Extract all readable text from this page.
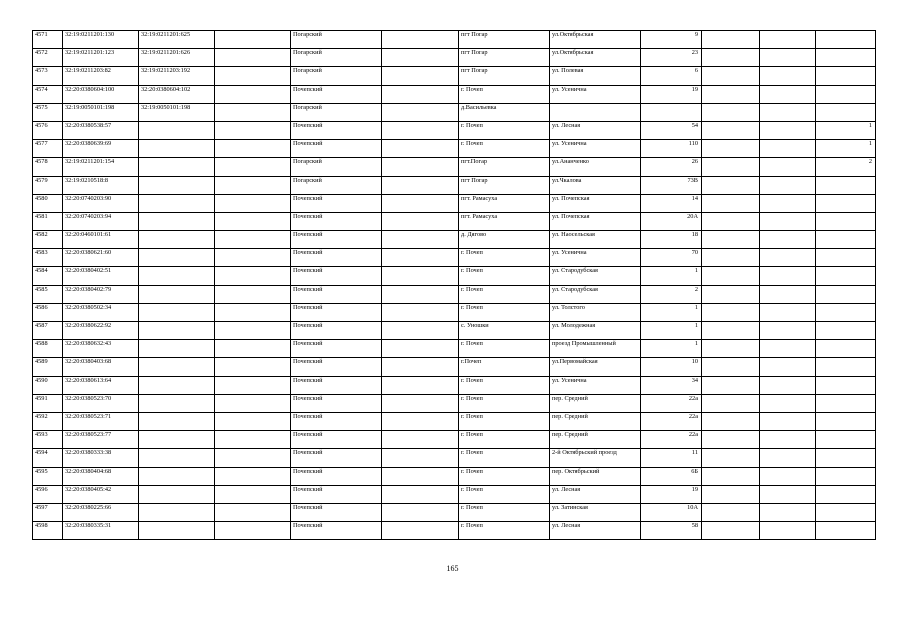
4571	32:19:0211201:130	32:19:0211201:625		Погарский		пгт Погар	ул.Октябрьская	9			
4572	32:19:0211201:123	32:19:0211201:626		Погарский		пгт Погар	ул.Октябрьская	23			
4573	32:19:0211203:82	32:19:0211203:192		Погарский		пгт Погар	ул. Полевая	6			
4574	32:20:0380604:100	32:20:0380604:102		Почепский		г. Почеп	ул. Усенична	19			
4575	32:19:0050101:198	32:19:0050101:198		Погарский		д.Васильевка					
4576	32:20:0380538:57			Почепский		г. Почеп	ул. Лесная	54			1
4577	32:20:0380639:69			Почепский		г. Почеп	ул. Усенична	110			1
4578	32:19:0211201:154			Погарский		пгт.Погар	ул.Ананченко	26			2
4579	32:19:0210518:8			Погарский		пгт Погар	ул.Чкалова	73В			
4580	32:20:0740203:90			Почепский		пгт. Рамасуха	ул. Почепская	14			
4581	32:20:0740203:94			Почепский		пгт. Рамасуха	ул. Почепская	20А			
4582	32:20:0460101:61			Почепский		д. Дягово	ул. Наосельская	18			
4583	32:20:0380621:60			Почепский		г. Почеп	ул. Усенична	70			
4584	32:20:0380402:51			Почепский		г. Почеп	ул. Стародубская	1			
4585	32:20:0380402:79			Почепский		г. Почеп	ул. Стародубская	2			
4586	32:20:0380502:34			Почепский		г. Почеп	ул. Толстого	1			
4587	32:20:0380622:92			Почепский		с. Уношки	ул. Молодежная	1			
4588	32:20:0380632:43			Почепский		г. Почеп	проезд Промышленный	1			
4589	32:20:0380403:68			Почепский		г.Почеп	ул.Первомайская	10			
4590	32:20:0380613:64			Почепский		г. Почеп	ул. Усенична	34			
4591	32:20:0380523:70			Почепский		г. Почеп	пер. Средний	22а			
4592	32:20:0380523:71			Почепский		г. Почеп	пер. Средний	22а			
4593	32:20:0380523:77			Почепский		г. Почеп	пер. Средний	22а			
4594	32:20:0380333:38			Почепский		г. Почеп	2-й Октябрьский проезд	11			
4595	32:20:0380404:68			Почепский		г. Почеп	пер. Октябрьский	6Б			
4596	32:20:0380405:42			Почепский		г. Почеп	ул. Лесная	19			
4597	32:20:0380225:66			Почепский		г. Почеп	ул. Затинская	10А			
4598	32:20:0380335:31			Почепский		г. Почеп	ул. Лесная	58			
165
